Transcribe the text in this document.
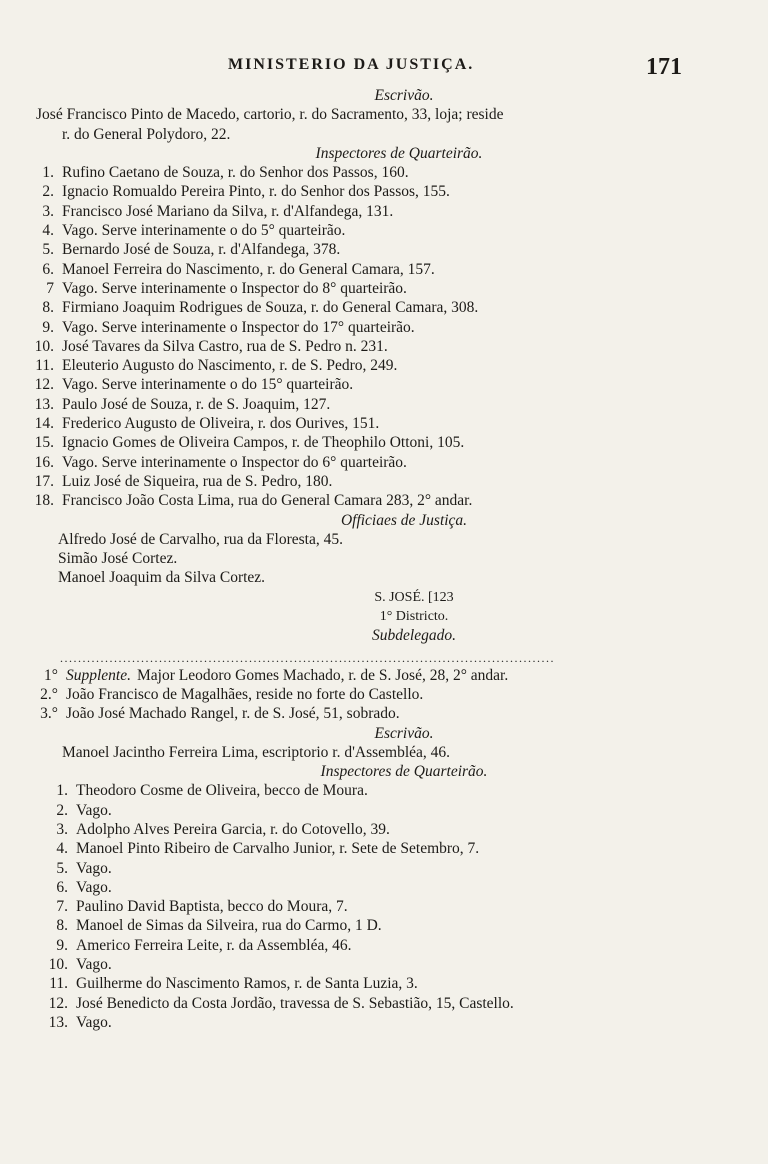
MINISTERIO DA JUSTIÇA.	171
Escrivão.
José Francisco Pinto de Macedo, cartorio, r. do Sacramento, 33, loja; reside
r. do General Polydoro, 22.
Inspectores de Quarteirão.
1. Rufino Caetano de Souza, r. do Senhor dos Passos, 160.
2. Ignacio Romualdo Pereira Pinto, r. do Senhor dos Passos, 155.
3. Francisco José Mariano da Silva, r. d'Alfandega, 131.
4. Vago. Serve interinamente o do 5° quarteirão.
5. Bernardo José de Souza, r. d'Alfandega, 378.
6. Manoel Ferreira do Nascimento, r. do General Camara, 157.
7 Vago. Serve interinamente o Inspector do 8° quarteirão.
8. Firmiano Joaquim Rodrigues de Souza, r. do General Camara, 308.
9. Vago. Serve interinamente o Inspector do 17° quarteirão.
10. José Tavares da Silva Castro, rua de S. Pedro n. 231.
11. Eleuterio Augusto do Nascimento, r. de S. Pedro, 249.
12. Vago. Serve interinamente o do 15° quarteirão.
13. Paulo José de Souza, r. de S. Joaquim, 127.
14. Frederico Augusto de Oliveira, r. dos Ourives, 151.
15. Ignacio Gomes de Oliveira Campos, r. de Theophilo Ottoni, 105.
16. Vago. Serve interinamente o Inspector do 6° quarteirão.
17. Luiz José de Siqueira, rua de S. Pedro, 180.
18. Francisco João Costa Lima, rua do General Camara 283, 2° andar.
Officiaes de Justiça.
Alfredo José de Carvalho, rua da Floresta, 45.
Simão José Cortez.
Manoel Joaquim da Silva Cortez.
S. JOSÉ. [123
1° Districto.
Subdelegado.
..............................................................................................................
1° Supplente. Major Leodoro Gomes Machado, r. de S. José, 28, 2° andar.
2.° João Francisco de Magalhães, reside no forte do Castello.
3.° João José Machado Rangel, r. de S. José, 51, sobrado.
Escrivão.
Manoel Jacintho Ferreira Lima, escriptorio r. d'Assembléa, 46.
Inspectores de Quarteirão.
1. Theodoro Cosme de Oliveira, becco de Moura.
2. Vago.
3. Adolpho Alves Pereira Garcia, r. do Cotovello, 39.
4. Manoel Pinto Ribeiro de Carvalho Junior, r. Sete de Setembro, 7.
5. Vago.
6. Vago.
7. Paulino David Baptista, becco do Moura, 7.
8. Manoel de Simas da Silveira, rua do Carmo, 1 D.
9. Americo Ferreira Leite, r. da Assembléa, 46.
10. Vago.
11. Guilherme do Nascimento Ramos, r. de Santa Luzia, 3.
12. José Benedicto da Costa Jordão, travessa de S. Sebastião, 15, Castello.
13. Vago.
